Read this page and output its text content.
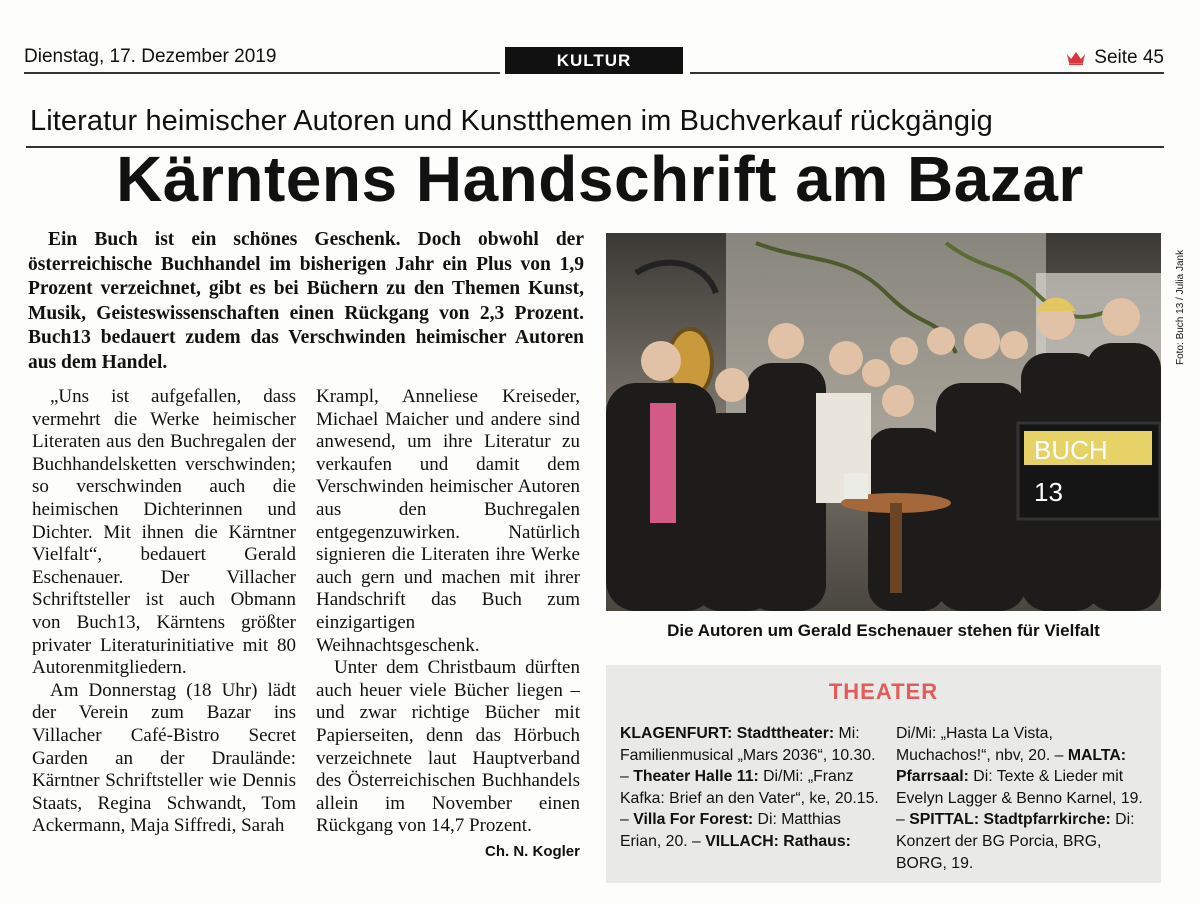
Dienstag, 17. Dezember 2019	KULTUR	Seite 45
Literatur heimischer Autoren und Kunstthemen im Buchverkauf rückgängig
Kärntens Handschrift am Bazar
Ein Buch ist ein schönes Geschenk. Doch obwohl der österreichische Buchhandel im bisherigen Jahr ein Plus von 1,9 Prozent verzeichnet, gibt es bei Büchern zu den Themen Kunst, Musik, Geisteswissenschaften einen Rückgang von 2,3 Prozent. Buch13 bedauert zudem das Verschwinden heimischer Autoren aus dem Handel.

„Uns ist aufgefallen, dass vermehrt die Werke heimischer Literaten aus den Buchregalen der Buchhandelsketten verschwinden; so verschwinden auch die heimischen Dichterinnen und Dichter. Mit ihnen die Kärntner Vielfalt“, bedauert Gerald Eschenauer. Der Villacher Schriftsteller ist auch Obmann von Buch13, Kärntens größter privater Literaturinitiative mit 80 Autorenmitgliedern.

Am Donnerstag (18 Uhr) lädt der Verein zum Bazar ins Villacher Café-Bistro Secret Garden an der Draulände: Kärntner Schriftsteller wie Dennis Staats, Regina Schwandt, Tom Ackermann, Maja Siffredi, Sarah

Krampl, Anneliese Kreiseder, Michael Maicher und andere sind anwesend, um ihre Literatur zu verkaufen und damit dem Verschwinden heimischer Autoren aus den Buchregalen entgegenzuwirken. Natürlich signieren die Literaten ihre Werke auch gern und machen mit ihrer Handschrift das Buch zum einzigartigen Weihnachtsgeschenk.

Unter dem Christbaum dürften auch heuer viele Bücher liegen – und zwar richtige Bücher mit Papierseiten, denn das Hörbuch verzeichnete laut Hauptverband des Österreichischen Buchhandels allein im November einen Rückgang von 14,7 Prozent.
Ch. N. Kogler

BUCH
13
Foto: Buch 13 / Julia Jank
Die Autoren um Gerald Eschenauer stehen für Vielfalt
THEATER
KLAGENFURT: Stadttheater: Mi: Familienmusical „Mars 2036“, 10.30. – Theater Halle 11: Di/Mi: „Franz Kafka: Brief an den Vater“, ke, 20.15. – Villa For Forest: Di: Matthias Erian, 20. – VILLACH: Rathaus:
Di/Mi: „Hasta La Vista, Muchachos!“, nbv, 20. – MALTA: Pfarrsaal: Di: Texte & Lieder mit Evelyn Lagger & Benno Karnel, 19. – SPITTAL: Stadtpfarrkirche: Di: Konzert der BG Porcia, BRG, BORG, 19.
